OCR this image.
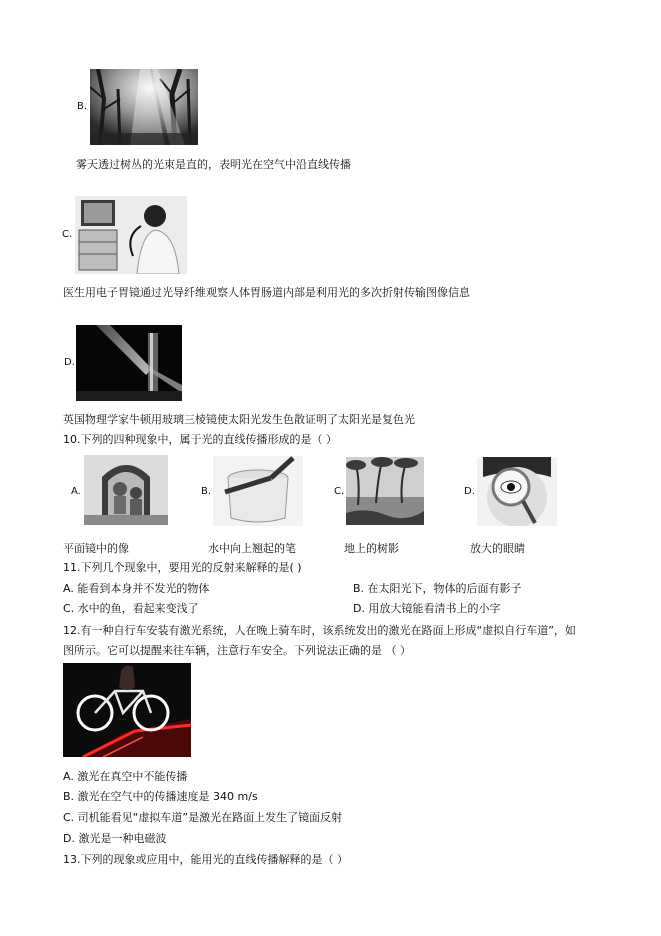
B.
雾天透过树丛的光束是直的，表明光在空气中沿直线传播
C.
医生用电子胃镜通过光导纤维观察人体胃肠道内部是利用光的多次折射传输图像信息
D.
英国物理学家牛顿用玻璃三棱镜使太阳光发生色散证明了太阳光是复色光
10.下列的四种现象中，属于光的直线传播形成的是（ ）
A.
平面镜中的像
B.
水中向上翘起的笔
C.
地上的树影
D.
放大的眼睛
11.下列几个现象中，要用光的反射来解释的是( )
A. 能看到本身并不发光的物体	B. 在太阳光下，物体的后面有影子
C. 水中的鱼，看起来变浅了	D. 用放大镜能看清书上的小字
12.有一种自行车安装有激光系统，人在晚上骑车时，该系统发出的激光在路面上形成“虚拟自行车道”，如
图所示。它可以提醒来往车辆，注意行车安全。下列说法正确的是 （ ）
A. 激光在真空中不能传播
B. 激光在空气中的传播速度是 340 m/s
C. 司机能看见“虚拟车道”是激光在路面上发生了镜面反射
D. 激光是一种电磁波
13.下列的现象或应用中，能用光的直线传播解释的是（ ）
